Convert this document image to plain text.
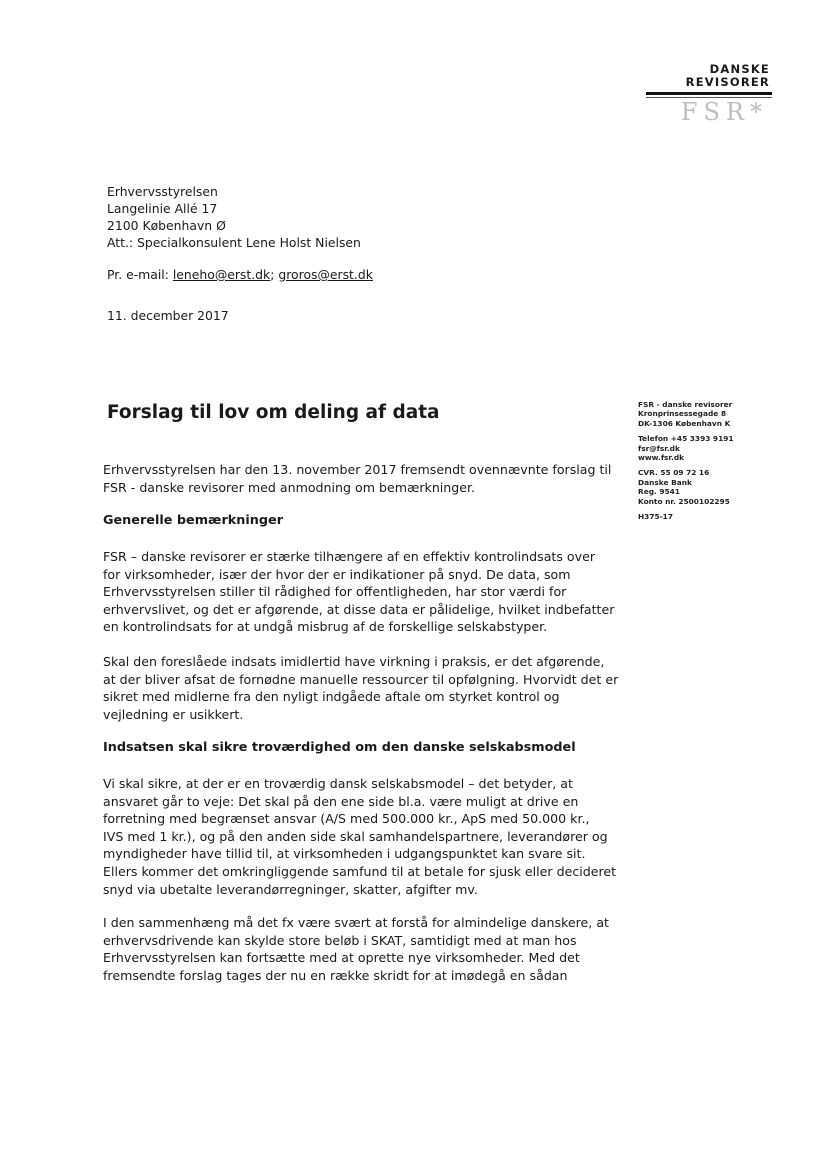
DANSKE
REVISORER
FSR*
Erhvervsstyrelsen
Langelinie Allé 17
2100 København Ø
Att.: Specialkonsulent Lene Holst Nielsen
Pr. e-mail: leneho@erst.dk; groros@erst.dk
11. december 2017
Forslag til lov om deling af data	FSR - danske revisorer
Kronprinsessegade 8
DK-1306 København K
Telefon +45 3393 9191
fsr@fsr.dk
www.fsr.dk
CVR. 55 09 72 16
Danske Bank
Reg. 9541
Konto nr. 2500102295
H375-17
Erhvervsstyrelsen har den 13. november 2017 fremsendt ovennævnte forslag til
FSR - danske revisorer med anmodning om bemærkninger.
Generelle bemærkninger
FSR – danske revisorer er stærke tilhængere af en effektiv kontrolindsats over
for virksomheder, især der hvor der er indikationer på snyd. De data, som
Erhvervsstyrelsen stiller til rådighed for offentligheden, har stor værdi for
erhvervslivet, og det er afgørende, at disse data er pålidelige, hvilket indbefatter
en kontrolindsats for at undgå misbrug af de forskellige selskabstyper.
Skal den foreslåede indsats imidlertid have virkning i praksis, er det afgørende,
at der bliver afsat de fornødne manuelle ressourcer til opfølgning. Hvorvidt det er
sikret med midlerne fra den nyligt indgåede aftale om styrket kontrol og
vejledning er usikkert.
Indsatsen skal sikre troværdighed om den danske selskabsmodel
Vi skal sikre, at der er en troværdig dansk selskabsmodel – det betyder, at
ansvaret går to veje: Det skal på den ene side bl.a. være muligt at drive en
forretning med begrænset ansvar (A/S med 500.000 kr., ApS med 50.000 kr.,
IVS med 1 kr.), og på den anden side skal samhandelspartnere, leverandører og
myndigheder have tillid til, at virksomheden i udgangspunktet kan svare sit.
Ellers kommer det omkringliggende samfund til at betale for sjusk eller decideret
snyd via ubetalte leverandørregninger, skatter, afgifter mv.
I den sammenhæng må det fx være svært at forstå for almindelige danskere, at
erhvervsdrivende kan skylde store beløb i SKAT, samtidigt med at man hos
Erhvervsstyrelsen kan fortsætte med at oprette nye virksomheder. Med det
fremsendte forslag tages der nu en række skridt for at imødegå en sådan
